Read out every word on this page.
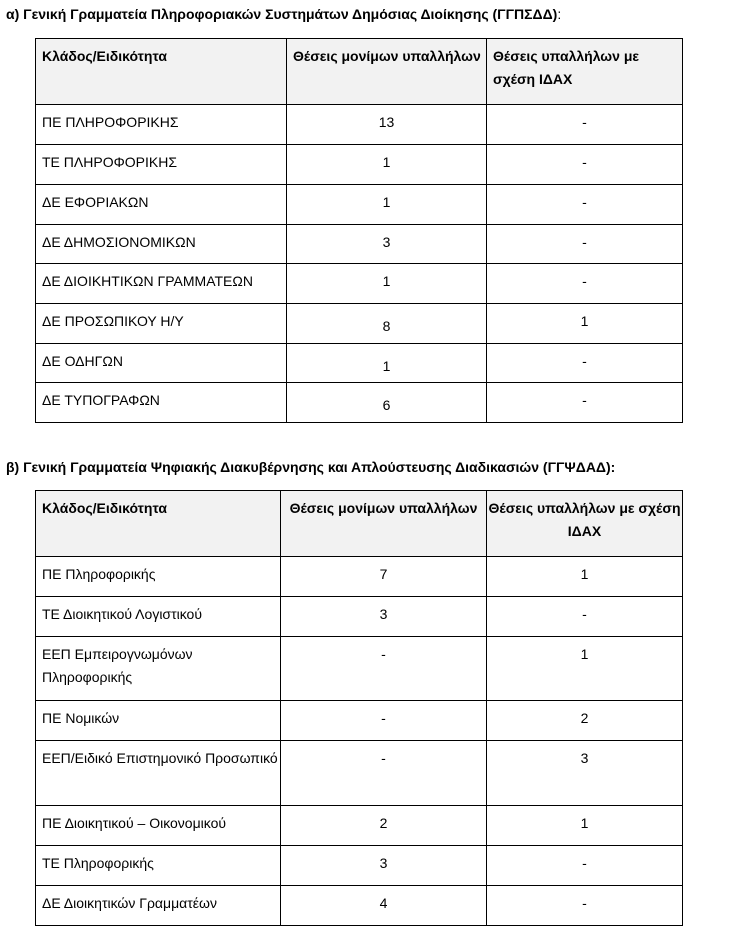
α) Γενική Γραμματεία Πληροφοριακών Συστημάτων Δημόσιας Διοίκησης (ΓΓΠΣΔΔ):
Κλάδος/Ειδικότητα	Θέσεις μονίμων υπαλλήλων	Θέσεις υπαλλήλων με σχέση ΙΔΑΧ
ΠΕ ΠΛΗΡΟΦΟΡΙΚΗΣ	13	-
ΤΕ ΠΛΗΡΟΦΟΡΙΚΗΣ	1	-
ΔΕ ΕΦΟΡΙΑΚΩΝ	1	-
ΔΕ ΔΗΜΟΣΙΟΝΟΜΙΚΩΝ	3	-
ΔΕ ΔΙΟΙΚΗΤΙΚΩΝ ΓΡΑΜΜΑΤΕΩΝ	1	-
ΔΕ ΠΡΟΣΩΠΙΚΟΥ Η/Υ	8	1
ΔΕ ΟΔΗΓΩΝ	1	-
ΔΕ ΤΥΠΟΓΡΑΦΩΝ	6	-
β) Γενική Γραμματεία Ψηφιακής Διακυβέρνησης και Απλούστευσης Διαδικασιών (ΓΓΨΔΑΔ):
Κλάδος/Ειδικότητα	Θέσεις μονίμων υπαλλήλων	Θέσεις υπαλλήλων με σχέση ΙΔΑΧ
ΠΕ Πληροφορικής	7	1
ΤΕ Διοικητικού Λογιστικού	3	-
ΕΕΠ Εμπειρογνωμόνων Πληροφορικής	-	1
ΠΕ Νομικών	-	2
ΕΕΠ/Ειδικό Επιστημονικό Προσωπικό	-	3
ΠΕ Διοικητικού – Οικονομικού	2	1
ΤΕ Πληροφορικής	3	-
ΔΕ Διοικητικών Γραμματέων	4	-
